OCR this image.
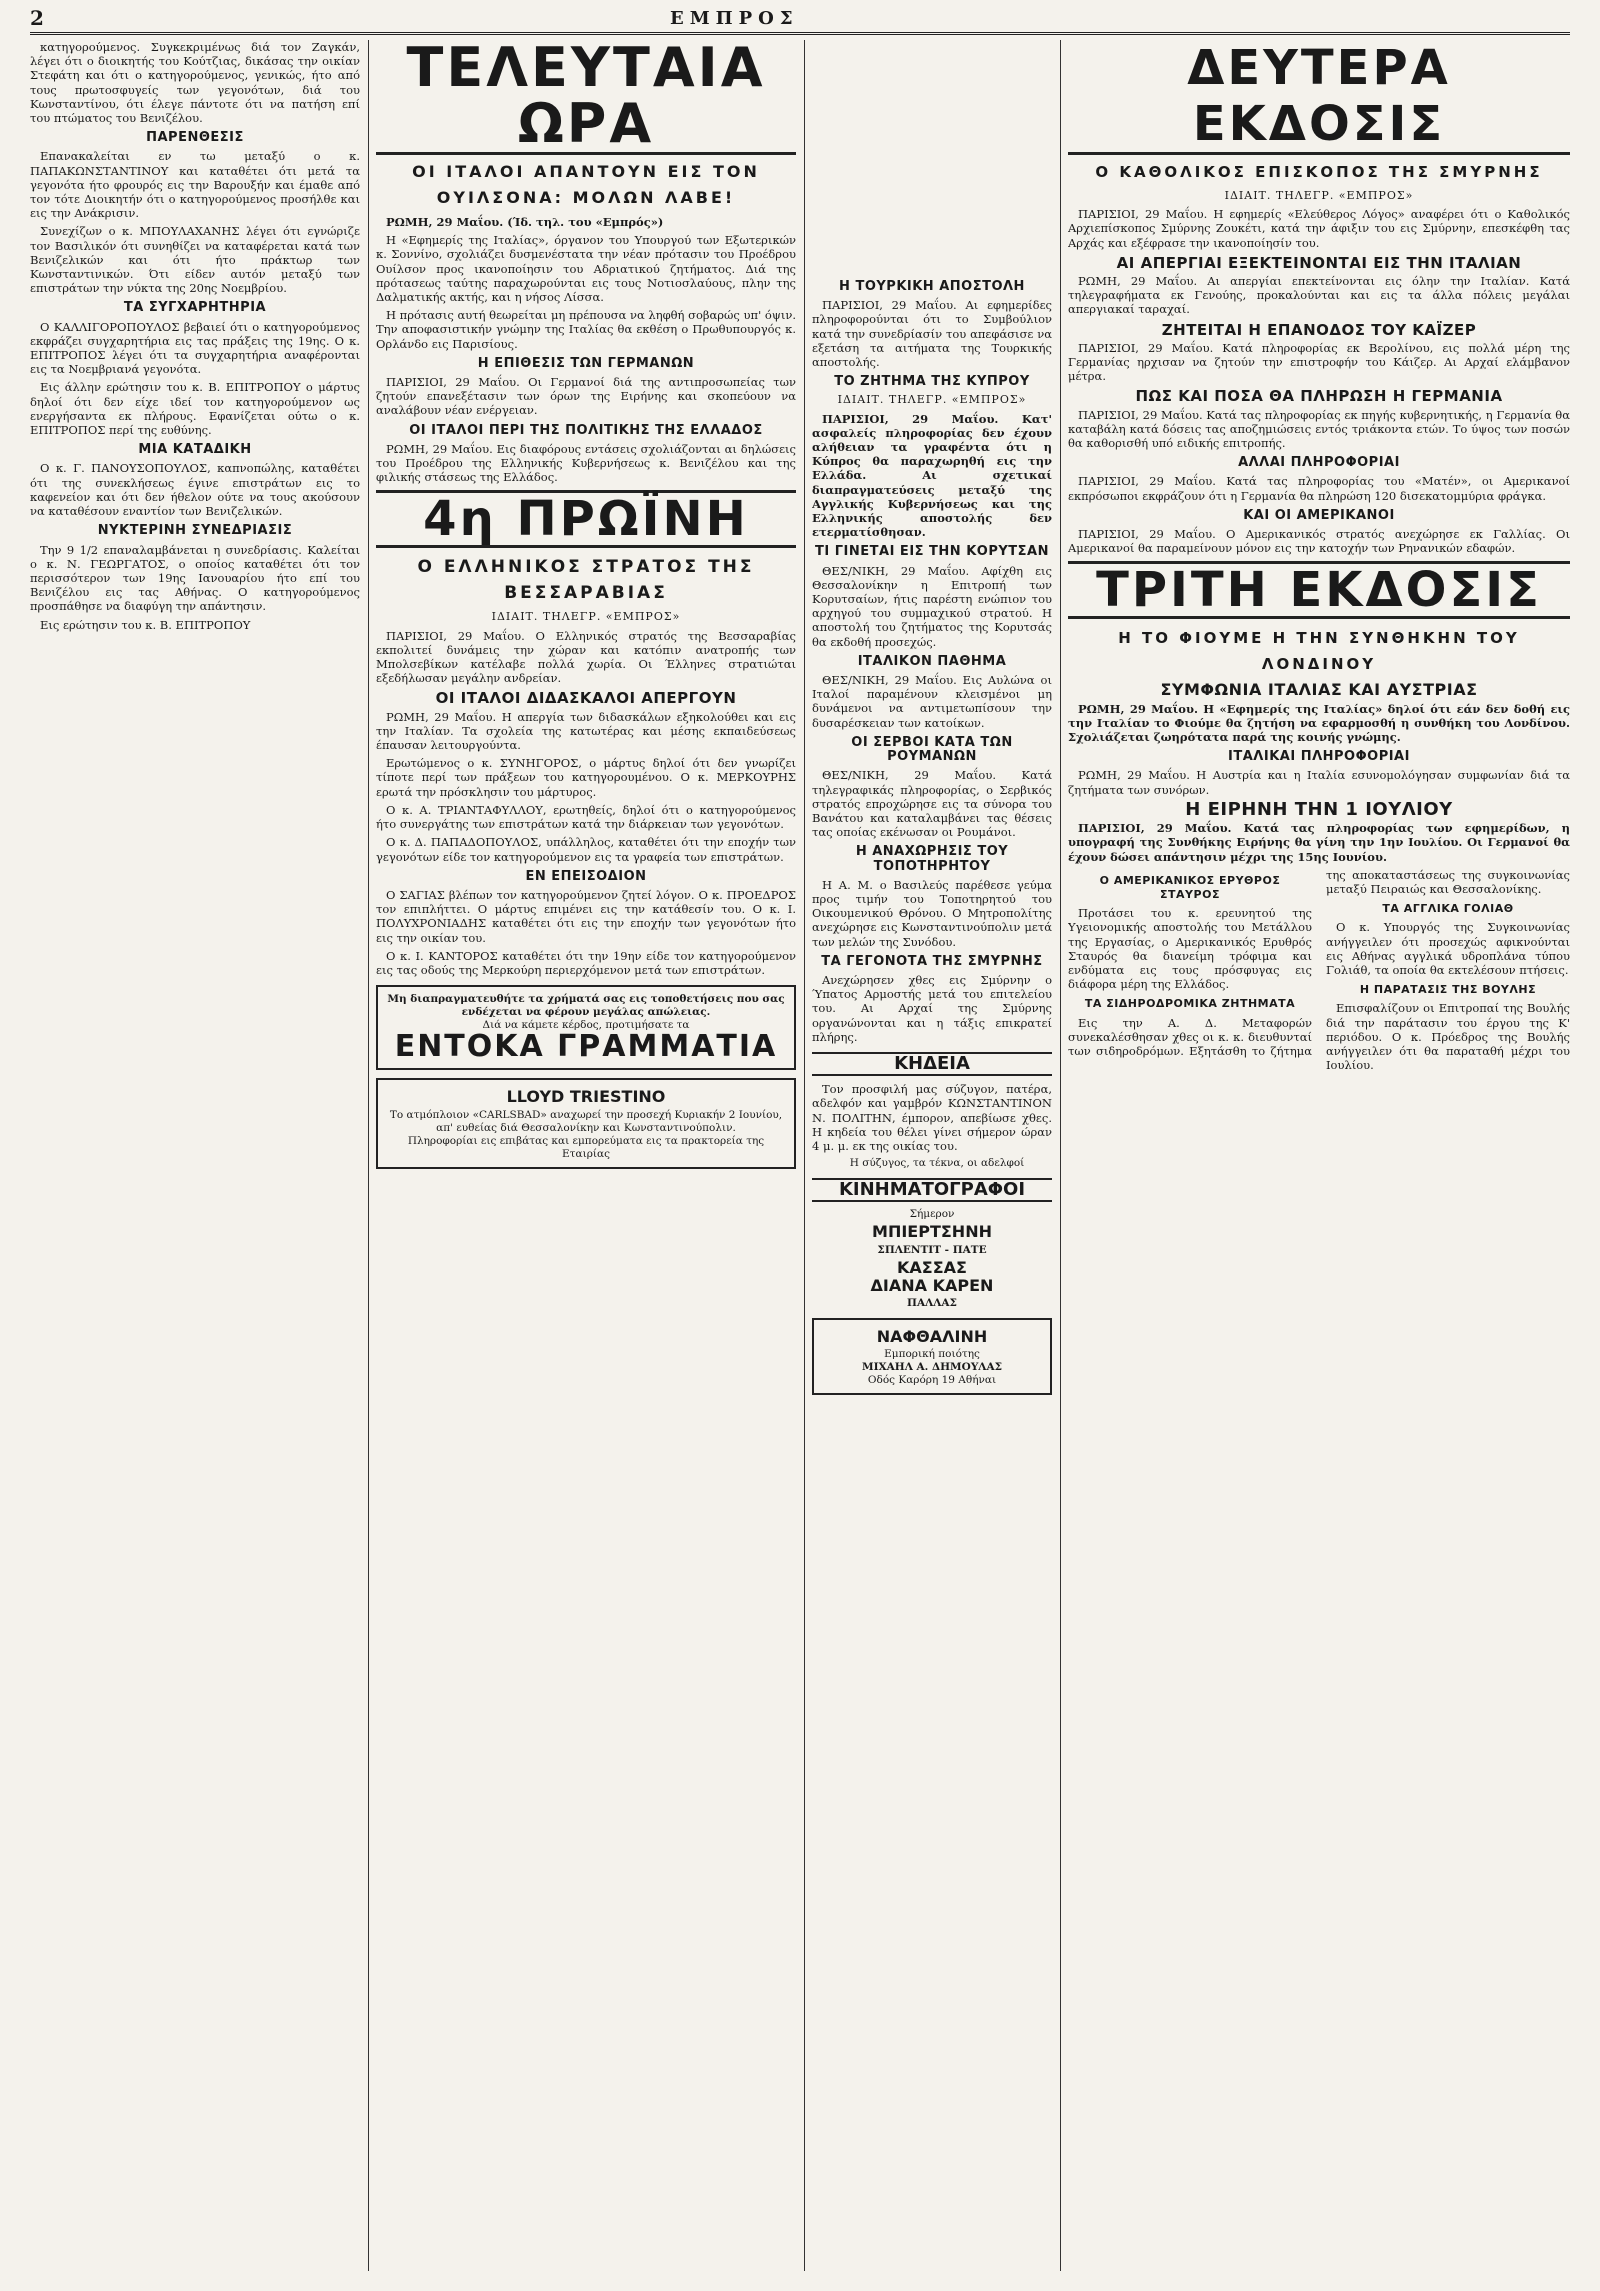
2	ΕΜΠΡΟΣ

κατηγορούμενος. Συγκεκριμένως διά τον Ζαγκάν, λέγει ότι ο διοικητής του Κούτζιας, δικάσας την οικίαν Στεφάτη και ότι ο κατηγορούμενος, γενικώς, ήτο από τους πρωτοσφυγείς των γεγονότων, διά του Κωνσταντίνου, ότι έλεγε πάντοτε ότι να πατήση επί του πτώματος του Βενιζέλου.

ΠΑΡΕΝΘΕΣΙΣ

Επανακαλείται εν τω μεταξύ ο κ. ΠΑΠΑΚΩΝΣΤΑΝΤΙΝΟΥ και καταθέτει ότι μετά τα γεγονότα ήτο φρουρός εις την Βαρουξήν και έμαθε από τον τότε Διοικητήν ότι ο κατηγορούμενος προσήλθε και εις την Ανάκρισιν.

Συνεχίζων ο κ. ΜΠΟΥΛΑΧΑΝΗΣ λέγει ότι εγνώριζε τον Βασιλικόν ότι συνηθίζει να καταφέρεται κατά των Βενιζελικών και ότι ήτο πράκτωρ των Κωνσταντινικών. Ότι είδεν αυτόν μεταξύ των επιστράτων την νύκτα της 20ης Νοεμβρίου.

ΤΑ ΣΥΓΧΑΡΗΤΗΡΙΑ

Ο ΚΑΛΛΙΓΟΡΟΠΟΥΛΟΣ βεβαιεί ότι ο κατηγορούμενος εκφράζει συγχαρητήρια εις τας πράξεις της 19ης. Ο κ. ΕΠΙΤΡΟΠΟΣ λέγει ότι τα συγχαρητήρια αναφέρονται εις τα Νοεμβριανά γεγονότα.

Εις άλλην ερώτησιν του κ. Β. ΕΠΙΤΡΟΠΟΥ ο μάρτυς δηλοί ότι δεν είχε ιδεί τον κατηγορούμενον ως ενεργήσαντα εκ πλήρους. Εφανίζεται ούτω ο κ. ΕΠΙΤΡΟΠΟΣ περί της ευθύνης.

ΜΙΑ ΚΑΤΑΔΙΚΗ

Ο κ. Γ. ΠΑΝΟΥΣΟΠΟΥΛΟΣ, καπνοπώλης, καταθέτει ότι της συνεκλήσεως έγινε επιστράτων εις το καφενείον και ότι δεν ήθελον ούτε να τους ακούσουν να καταθέσουν εναντίον των Βενιζελικών.

ΝΥΚΤΕΡΙΝΗ ΣΥΝΕΔΡΙΑΣΙΣ

Την 9 1/2 επαναλαμβάνεται η συνεδρίασις. Καλείται ο κ. Ν. ΓΕΩΡΓΑΤΟΣ, ο οποίος καταθέτει ότι τον περισσότερον των 19ης Ιανουαρίου ήτο επί του Βενιζέλου εις τας Αθήνας. Ο κατηγορούμενος προσπάθησε να διαφύγη την απάντησιν.

Εις ερώτησιν του κ. Β. ΕΠΙΤΡΟΠΟΥ

ΤΕΛΕΥΤΑΙΑ ΩΡΑ
ΟΙ ΙΤΑΛΟΙ ΑΠΑΝΤΟΥΝ ΕΙΣ ΤΟΝ ΟΥΙΛΣΟΝΑ: ΜΟΛΩΝ ΛΑΒΕ!

ΡΩΜΗ, 29 Μαΐου. (Ίδ. τηλ. του «Εμπρός»)

Η «Εφημερίς της Ιταλίας», όργανον του Υπουργού των Εξωτερικών κ. Σοννίνο, σχολιάζει δυσμενέστατα την νέαν πρότασιν του Προέδρου Ουίλσον προς ικανοποίησιν του Αδριατικού ζητήματος. Διά της πρότασεως ταύτης παραχωρούνται εις τους Νοτιοσλαύους, πλην της Δαλματικής ακτής, και η νήσος Λίσσα.

Η πρότασις αυτή θεωρείται μη πρέπουσα να ληφθή σοβαρώς υπ' όψιν. Την αποφασιστικήν γνώμην της Ιταλίας θα εκθέση ο Πρωθυπουργός κ. Ορλάνδο εις Παρισίους.

Η ΕΠΙΘΕΣΙΣ ΤΩΝ ΓΕΡΜΑΝΩΝ

ΠΑΡΙΣΙΟΙ, 29 Μαΐου. Οι Γερμανοί διά της αντιπροσωπείας των ζητούν επανεξέτασιν των όρων της Ειρήνης και σκοπεύουν να αναλάβουν νέαν ενέργειαν.

ΟΙ ΙΤΑΛΟΙ ΠΕΡΙ ΤΗΣ ΠΟΛΙΤΙΚΗΣ ΤΗΣ ΕΛΛΑΔΟΣ

ΡΩΜΗ, 29 Μαΐου. Εις διαφόρους εντάσεις σχολιάζονται αι δηλώσεις του Προέδρου της Ελληνικής Κυβερνήσεως κ. Βενιζέλου και της φιλικής στάσεως της Ελλάδος.

4η ΠΡΩΪΝΗ
Ο ΕΛΛΗΝΙΚΟΣ ΣΤΡΑΤΟΣ ΤΗΣ ΒΕΣΣΑΡΑΒΙΑΣ
ΙΔΙΑΙΤ. ΤΗΛΕΓΡ. «ΕΜΠΡΟΣ»

ΠΑΡΙΣΙΟΙ, 29 Μαΐου. Ο Ελληνικός στρατός της Βεσσαραβίας εκπολιτεί δυνάμεις την χώραν και κατόπιν ανατροπής των Μπολσεβίκων κατέλαβε πολλά χωρία. Οι Έλληνες στρατιώται εξεδήλωσαν μεγάλην ανδρείαν.

ΟΙ ΙΤΑΛΟΙ ΔΙΔΑΣΚΑΛΟΙ ΑΠΕΡΓΟΥΝ

ΡΩΜΗ, 29 Μαΐου. Η απεργία των διδασκάλων εξηκολούθει και εις την Ιταλίαν. Τα σχολεία της κατωτέρας και μέσης εκπαιδεύσεως έπαυσαν λειτουργούντα.

Ερωτώμενος ο κ. ΣΥΝΗΓΟΡΟΣ, ο μάρτυς δηλοί ότι δεν γνωρίζει τίποτε περί των πράξεων του κατηγορουμένου. Ο κ. ΜΕΡΚΟΥΡΗΣ ερωτά την πρόσκλησιν του μάρτυρος.

Ο κ. Α. ΤΡΙΑΝΤΑΦΥΛΛΟΥ, ερωτηθείς, δηλοί ότι ο κατηγορούμενος ήτο συνεργάτης των επιστράτων κατά την διάρκειαν των γεγονότων.

Ο κ. Δ. ΠΑΠΑΔΟΠΟΥΛΟΣ, υπάλληλος, καταθέτει ότι την εποχήν των γεγονότων είδε τον κατηγορούμενον εις τα γραφεία των επιστράτων.

ΕΝ ΕΠΕΙΣΟΔΙΟΝ

Ο ΣΑΓΙΑΣ βλέπων τον κατηγορούμενον ζητεί λόγον. Ο κ. ΠΡΟΕΔΡΟΣ τον επιπλήττει. Ο μάρτυς επιμένει εις την κατάθεσίν του. Ο κ. Ι. ΠΟΛΥΧΡΟΝΙΑΔΗΣ καταθέτει ότι εις την εποχήν των γεγονότων ήτο εις την οικίαν του.

Ο κ. Ι. ΚΑΝΤΟΡΟΣ καταθέτει ότι την 19ην είδε τον κατηγορούμενον εις τας οδούς της Μερκούρη περιερχόμενον μετά των επιστράτων.

Μη διαπραγματευθήτε τα χρήματά σας εις τοποθετήσεις που σας ενδέχεται να φέρουν μεγάλας απώλειας.
Διά να κάμετε κέρδος, προτιμήσατε τα
ΕΝΤΟΚΑ ΓΡΑΜΜΑΤΙΑ
LLOYD TRIESTINO
Το ατμόπλοιον «CARLSBAD» αναχωρεί την προσεχή Κυριακήν 2 Ιουνίου, απ' ευθείας διά Θεσσαλονίκην και Κωνσταντινούπολιν.
Πληροφορίαι εις επιβάτας και εμπορεύματα εις τα πρακτορεία της Εταιρίας
Η ΤΟΥΡΚΙΚΗ ΑΠΟΣΤΟΛΗ

ΠΑΡΙΣΙΟΙ, 29 Μαΐου. Αι εφημερίδες πληροφορούνται ότι το Συμβούλιον κατά την συνεδρίασίν του απεφάσισε να εξετάση τα αιτήματα της Τουρκικής αποστολής.

ΤΟ ΖΗΤΗΜΑ ΤΗΣ ΚΥΠΡΟΥ
ΙΔΙΑΙΤ. ΤΗΛΕΓΡ. «ΕΜΠΡΟΣ»

ΠΑΡΙΣΙΟΙ, 29 Μαΐου. Κατ' ασφαλείς πληροφορίας δεν έχουν αλήθειαν τα γραφέντα ότι η Κύπρος θα παραχωρηθή εις την Ελλάδα. Αι σχετικαί διαπραγματεύσεις μεταξύ της Αγγλικής Κυβερνήσεως και της Ελληνικής αποστολής δεν ετερματίσθησαν.

ΤΙ ΓΙΝΕΤΑΙ ΕΙΣ ΤΗΝ ΚΟΡΥΤΣΑΝ

ΘΕΣ/ΝΙΚΗ, 29 Μαΐου. Αφίχθη εις Θεσσαλονίκην η Επιτροπή των Κορυτσαίων, ήτις παρέστη ενώπιον του αρχηγού του συμμαχικού στρατού. Η αποστολή του ζητήματος της Κορυτσάς θα εκδοθή προσεχώς.

ΙΤΑΛΙΚΟΝ ΠΑΘΗΜΑ

ΘΕΣ/ΝΙΚΗ, 29 Μαΐου. Εις Αυλώνα οι Ιταλοί παραμένουν κλεισμένοι μη δυνάμενοι να αντιμετωπίσουν την δυσαρέσκειαν των κατοίκων.

ΟΙ ΣΕΡΒΟΙ ΚΑΤΑ ΤΩΝ ΡΟΥΜΑΝΩΝ

ΘΕΣ/ΝΙΚΗ, 29 Μαΐου. Κατά τηλεγραφικάς πληροφορίας, ο Σερβικός στρατός επροχώρησε εις τα σύνορα του Βανάτου και καταλαμβάνει τας θέσεις τας οποίας εκένωσαν οι Ρουμάνοι.

Η ΑΝΑΧΩΡΗΣΙΣ ΤΟΥ ΤΟΠΟΤΗΡΗΤΟΥ

Η Α. Μ. ο Βασιλεύς παρέθεσε γεύμα προς τιμήν του Τοποτηρητού του Οικουμενικού Θρόνου. Ο Μητροπολίτης ανεχώρησε εις Κωνσταντινούπολιν μετά των μελών της Συνόδου.

ΤΑ ΓΕΓΟΝΟΤΑ ΤΗΣ ΣΜΥΡΝΗΣ

Ανεχώρησεν χθες εις Σμύρνην ο Ύπατος Αρμοστής μετά του επιτελείου του. Αι Αρχαί της Σμύρνης οργανώνονται και η τάξις επικρατεί πλήρης.

ΚΗΔΕΙΑ

Τον προσφιλή μας σύζυγον, πατέρα, αδελφόν και γαμβρόν ΚΩΝΣΤΑΝΤΙΝΟΝ Ν. ΠΟΛΙΤΗΝ, έμπορον, απεβίωσε χθες. Η κηδεία του θέλει γίνει σήμερον ώραν 4 μ. μ. εκ της οικίας του.

Η σύζυγος, τα τέκνα, οι αδελφοί

ΚΙΝΗΜΑΤΟΓΡΑΦΟΙ
Σήμερον
ΜΠΙΕΡΤΣΗΝΗ
ΣΠΛΕΝΤΙΤ - ΠΑΤΕ
ΚΑΣΣΑΣ
ΔΙΑΝΑ ΚΑΡΕΝ
ΠΑΛΛΑΣ
ΝΑΦΘΑΛΙΝΗ
Εμπορική ποιότης
ΜΙΧΑΗΛ Α. ΔΗΜΟΥΛΑΣ
Οδός Καρόρη 19 Αθήναι
ΔΕΥΤΕΡΑ ΕΚΔΟΣΙΣ
Ο ΚΑΘΟΛΙΚΟΣ ΕΠΙΣΚΟΠΟΣ ΤΗΣ ΣΜΥΡΝΗΣ
ΙΔΙΑΙΤ. ΤΗΛΕΓΡ. «ΕΜΠΡΟΣ»

ΠΑΡΙΣΙΟΙ, 29 Μαΐου. Η εφημερίς «Ελεύθερος Λόγος» αναφέρει ότι ο Καθολικός Αρχιεπίσκοπος Σμύρνης Ζουκέτι, κατά την άφιξιν του εις Σμύρνην, επεσκέφθη τας Αρχάς και εξέφρασε την ικανοποίησίν του.

ΑΙ ΑΠΕΡΓΙΑΙ ΕΞΕΚΤΕΙΝΟΝΤΑΙ ΕΙΣ ΤΗΝ ΙΤΑΛΙΑΝ

ΡΩΜΗ, 29 Μαΐου. Αι απεργίαι επεκτείνονται εις όλην την Ιταλίαν. Κατά τηλεγραφήματα εκ Γενούης, προκαλούνται και εις τα άλλα πόλεις μεγάλαι απεργιακαί ταραχαί.

ΖΗΤΕΙΤΑΙ Η ΕΠΑΝΟΔΟΣ ΤΟΥ ΚΑΪΖΕΡ

ΠΑΡΙΣΙΟΙ, 29 Μαΐου. Κατά πληροφορίας εκ Βερολίνου, εις πολλά μέρη της Γερμανίας ηρχισαν να ζητούν την επιστροφήν του Κάιζερ. Αι Αρχαί ελάμβανον μέτρα.

ΠΩΣ ΚΑΙ ΠΟΣΑ ΘΑ ΠΛΗΡΩΣΗ Η ΓΕΡΜΑΝΙΑ

ΠΑΡΙΣΙΟΙ, 29 Μαΐου. Κατά τας πληροφορίας εκ πηγής κυβερνητικής, η Γερμανία θα καταβάλη κατά δόσεις τας αποζημιώσεις εντός τριάκοντα ετών. Το ύψος των ποσών θα καθορισθή υπό ειδικής επιτροπής.

ΑΛΛΑΙ ΠΛΗΡΟΦΟΡΙΑΙ

ΠΑΡΙΣΙΟΙ, 29 Μαΐου. Κατά τας πληροφορίας του «Ματέν», οι Αμερικανοί εκπρόσωποι εκφράζουν ότι η Γερμανία θα πληρώση 120 δισεκατομμύρια φράγκα.

ΚΑΙ ΟΙ ΑΜΕΡΙΚΑΝΟΙ

ΠΑΡΙΣΙΟΙ, 29 Μαΐου. Ο Αμερικανικός στρατός ανεχώρησε εκ Γαλλίας. Οι Αμερικανοί θα παραμείνουν μόνον εις την κατοχήν των Ρηνανικών εδαφών.

ΤΡΙΤΗ ΕΚΔΟΣΙΣ
Η ΤΟ ΦΙΟΥΜΕ Η ΤΗΝ ΣΥΝΘΗΚΗΝ ΤΟΥ ΛΟΝΔΙΝΟΥ
ΣΥΜΦΩΝΙΑ ΙΤΑΛΙΑΣ ΚΑΙ ΑΥΣΤΡΙΑΣ

ΡΩΜΗ, 29 Μαΐου. Η «Εφημερίς της Ιταλίας» δηλοί ότι εάν δεν δοθή εις την Ιταλίαν το Φιούμε θα ζητήση να εφαρμοσθή η συνθήκη του Λονδίνου. Σχολιάζεται ζωηρότατα παρά της κοινής γνώμης.

ΙΤΑΛΙΚΑΙ ΠΛΗΡΟΦΟΡΙΑΙ

ΡΩΜΗ, 29 Μαΐου. Η Αυστρία και η Ιταλία εσυνομολόγησαν συμφωνίαν διά τα ζητήματα των συνόρων.

Η ΕΙΡΗΝΗ ΤΗΝ 1 ΙΟΥΛΙΟΥ

ΠΑΡΙΣΙΟΙ, 29 Μαΐου. Κατά τας πληροφορίας των εφημερίδων, η υπογραφή της Συνθήκης Ειρήνης θα γίνη την 1ην Ιουλίου. Οι Γερμανοί θα έχουν δώσει απάντησιν μέχρι της 15ης Ιουνίου.

Ο ΑΜΕΡΙΚΑΝΙΚΟΣ ΕΡΥΘΡΟΣ ΣΤΑΥΡΟΣ

Προτάσει του κ. ερευνητού της Υγειονομικής αποστολής του Μετάλλου της Εργασίας, ο Αμερικανικός Ερυθρός Σταυρός θα διανείμη τρόφιμα και ενδύματα εις τους πρόσφυγας εις διάφορα μέρη της Ελλάδος.

ΤΑ ΣΙΔΗΡΟΔΡΟΜΙΚΑ ΖΗΤΗΜΑΤΑ

Εις την Α. Δ. Μεταφορών συνεκαλέσθησαν χθες οι κ. κ. διευθυνταί των σιδηροδρόμων. Εξητάσθη το ζήτημα της αποκαταστάσεως της συγκοινωνίας μεταξύ Πειραιώς και Θεσσαλονίκης.

ΤΑ ΑΓΓΛΙΚΑ ΓΟΛΙΑΘ

Ο κ. Υπουργός της Συγκοινωνίας ανήγγειλεν ότι προσεχώς αφικνούνται εις Αθήνας αγγλικά υδροπλάνα τύπου Γολιάθ, τα οποία θα εκτελέσουν πτήσεις.

Η ΠΑΡΑΤΑΣΙΣ ΤΗΣ ΒΟΥΛΗΣ

Επισφαλίζουν οι Επιτροπαί της Βουλής διά την παράτασιν του έργου της Κ' περιόδου. Ο κ. Πρόεδρος της Βουλής ανήγγειλεν ότι θα παραταθή μέχρι του Ιουλίου.
